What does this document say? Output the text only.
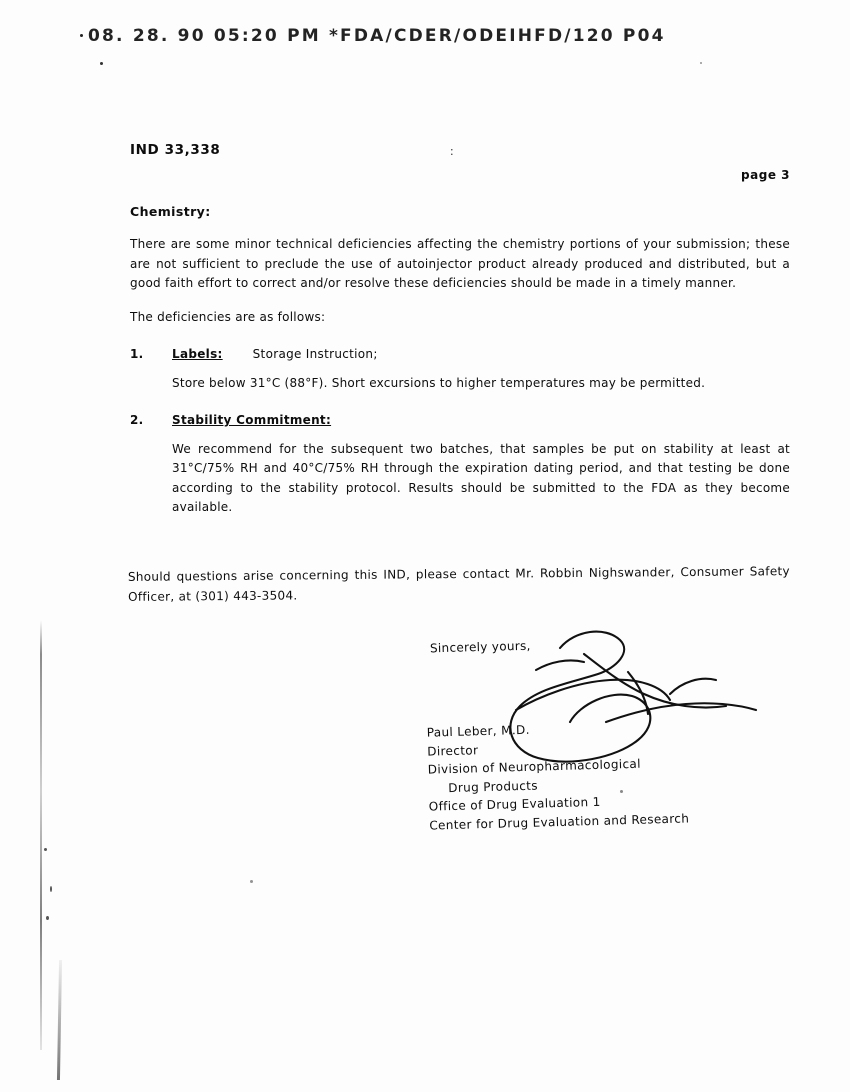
08. 28. 90 05:20 PM *FDA/CDER/ODEIHFD/120 P04
IND 33,338	:
page 3
Chemistry:

There are some minor technical deficiencies affecting the chemistry portions of your submission; these are not sufficient to preclude the use of autoinjector product already produced and distributed, but a good faith effort to correct and/or resolve these deficiencies should be made in a timely manner.

The deficiencies are as follows:

1.	Labels:	Storage Instruction;

Store below 31°C (88°F). Short excursions to higher temperatures may be permitted.

2.	Stability Commitment:

We recommend for the subsequent two batches, that samples be put on stability at least at 31°C/75% RH and 40°C/75% RH through the expiration dating period, and that testing be done according to the stability protocol. Results should be submitted to the FDA as they become available.

Should questions arise concerning this IND, please contact Mr. Robbin Nighswander, Consumer Safety Officer, at (301) 443-3504.

Sincerely yours,
Paul Leber, M.D.
Director
Division of Neuropharmacological
Drug Products
Office of Drug Evaluation 1
Center for Drug Evaluation and Research
